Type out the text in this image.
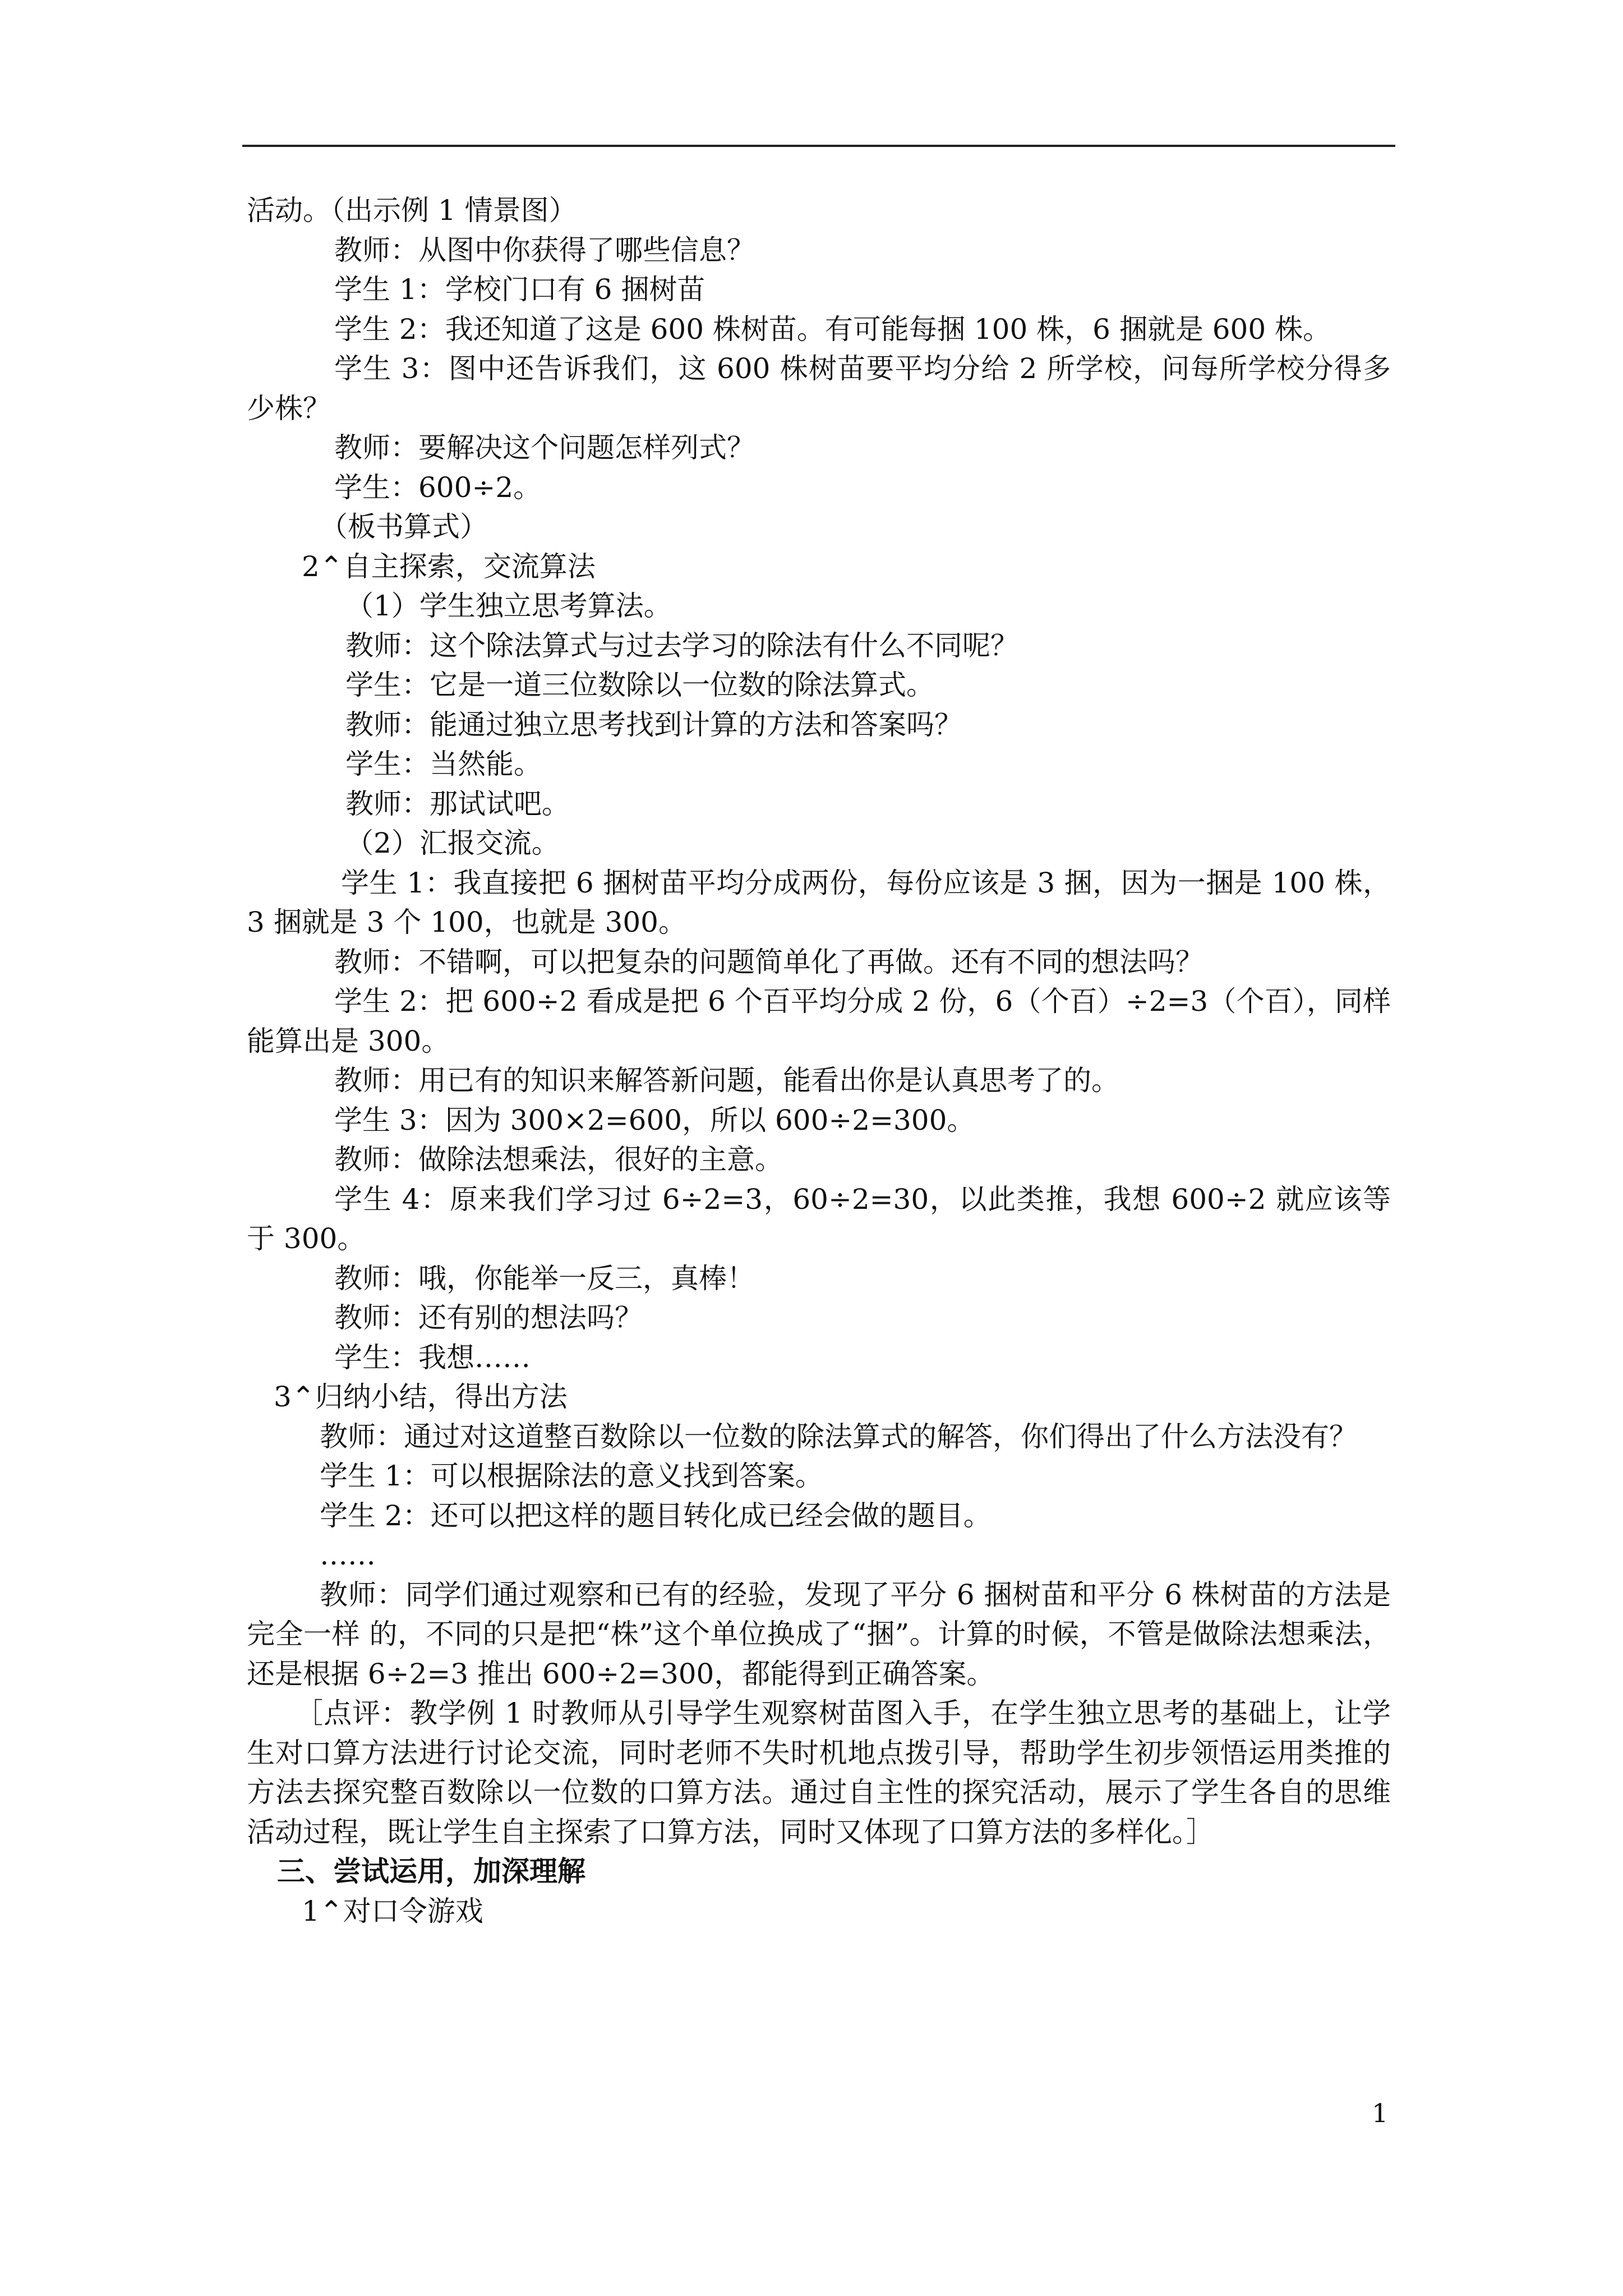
活动。（出示例 1 情景图）

教师：从图中你获得了哪些信息？

学生 1：学校门口有 6 捆树苗

学生 2：我还知道了这是 600 株树苗。有可能每捆 100 株，6 捆就是 600 株。

学生 3：图中还告诉我们，这 600 株树苗要平均分给 2 所学校，问每所学校分得多少株？

教师：要解决这个问题怎样列式？

学生：600÷2。

（板书算式）

2⌃自主探索，交流算法

（1）学生独立思考算法。

教师：这个除法算式与过去学习的除法有什么不同呢？

学生：它是一道三位数除以一位数的除法算式。

教师：能通过独立思考找到计算的方法和答案吗？

学生：当然能。

教师：那试试吧。

（2）汇报交流。

学生 1：我直接把 6 捆树苗平均分成两份，每份应该是 3 捆，因为一捆是 100 株，3 捆就是 3 个 100，也就是 300。

教师：不错啊，可以把复杂的问题简单化了再做。还有不同的想法吗？

学生 2：把 600÷2 看成是把 6 个百平均分成 2 份，6（个百）÷2=3（个百），同样能算出是 300。

教师：用已有的知识来解答新问题，能看出你是认真思考了的。

学生 3：因为 300×2=600，所以 600÷2=300。

教师：做除法想乘法，很好的主意。

学生 4：原来我们学习过 6÷2=3，60÷2=30，以此类推，我想 600÷2 就应该等于 300。

教师：哦，你能举一反三，真棒！

教师：还有别的想法吗？

学生：我想……

3⌃归纳小结，得出方法

教师：通过对这道整百数除以一位数的除法算式的解答，你们得出了什么方法没有？

学生 1：可以根据除法的意义找到答案。

学生 2：还可以把这样的题目转化成已经会做的题目。

……

教师：同学们通过观察和已有的经验，发现了平分 6 捆树苗和平分 6 株树苗的方法是完全一样 的，不同的只是把“株”这个单位换成了“捆”。计算的时候，不管是做除法想乘法，还是根据 6÷2=3 推出 600÷2=300，都能得到正确答案。

［点评：教学例 1 时教师从引导学生观察树苗图入手，在学生独立思考的基础上，让学生对口算方法进行讨论交流，同时老师不失时机地点拨引导，帮助学生初步领悟运用类推的方法去探究整百数除以一位数的口算方法。通过自主性的探究活动，展示了学生各自的思维活动过程，既让学生自主探索了口算方法，同时又体现了口算方法的多样化。］

三、尝试运用，加深理解

1⌃对口令游戏

1
